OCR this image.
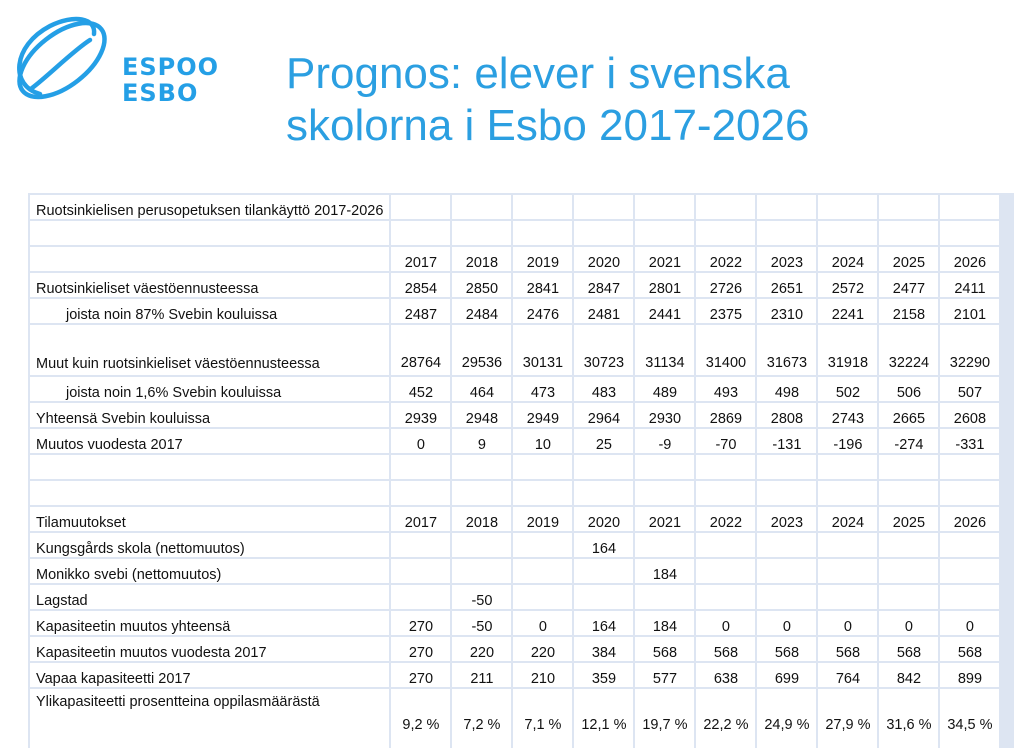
ESPOO
ESBO Prognos: elever i svenska
skolorna i Esbo 2017-2026
Ruotsinkielisen perusopetuksen tilankäyttö 2017-2026										

	2017	2018	2019	2020	2021	2022	2023	2024	2025	2026
Ruotsinkieliset väestöennusteessa	2854	2850	2841	2847	2801	2726	2651	2572	2477	2411
joista noin 87% Svebin kouluissa	2487	2484	2476	2481	2441	2375	2310	2241	2158	2101
Muut kuin ruotsinkieliset väestöennusteessa	28764	29536	30131	30723	31134	31400	31673	31918	32224	32290
joista noin 1,6% Svebin kouluissa	452	464	473	483	489	493	498	502	506	507
Yhteensä Svebin kouluissa	2939	2948	2949	2964	2930	2869	2808	2743	2665	2608
Muutos vuodesta 2017	0	9	10	25	-9	-70	-131	-196	-274	-331

Tilamuutokset	2017	2018	2019	2020	2021	2022	2023	2024	2025	2026
Kungsgårds skola (nettomuutos)				164						
Monikko svebi (nettomuutos)					184					
Lagstad		-50								
Kapasiteetin muutos yhteensä	270	-50	0	164	184	0	0	0	0	0
Kapasiteetin muutos vuodesta 2017	270	220	220	384	568	568	568	568	568	568
Vapaa kapasiteetti 2017	270	211	210	359	577	638	699	764	842	899
Ylikapasiteetti prosentteina oppilasmäärästä	9,2 %	7,2 %	7,1 %	12,1 %	19,7 %	22,2 %	24,9 %	27,9 %	31,6 %	34,5 %
